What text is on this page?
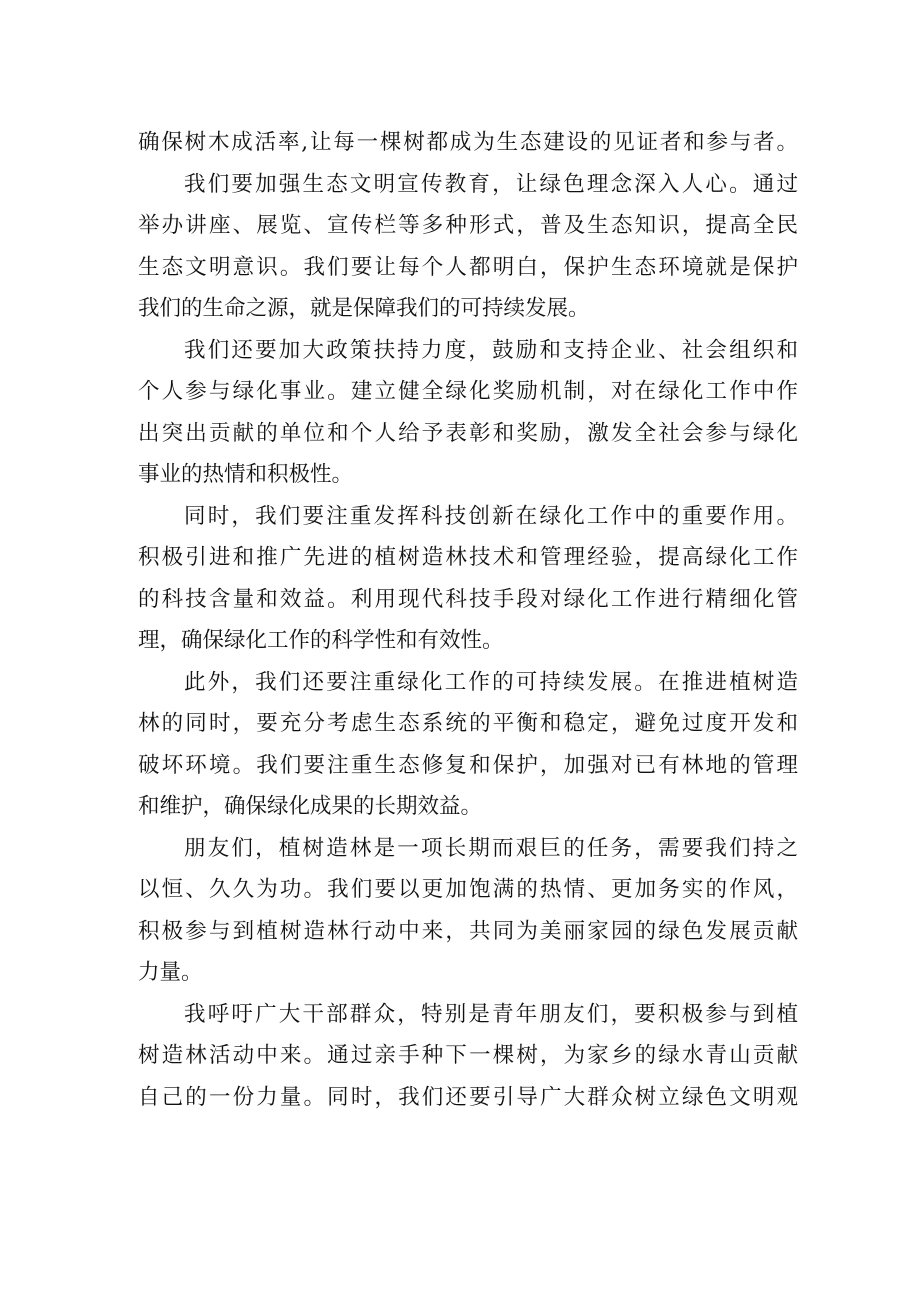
确保树木成活率,让每一棵树都成为生态建设的见证者和参与者。
我们要加强生态文明宣传教育，让绿色理念深入人心。通过
举办讲座、展览、宣传栏等多种形式，普及生态知识，提高全民
生态文明意识。我们要让每个人都明白，保护生态环境就是保护
我们的生命之源，就是保障我们的可持续发展。
我们还要加大政策扶持力度，鼓励和支持企业、社会组织和
个人参与绿化事业。建立健全绿化奖励机制，对在绿化工作中作
出突出贡献的单位和个人给予表彰和奖励，激发全社会参与绿化
事业的热情和积极性。
同时，我们要注重发挥科技创新在绿化工作中的重要作用。
积极引进和推广先进的植树造林技术和管理经验，提高绿化工作
的科技含量和效益。利用现代科技手段对绿化工作进行精细化管
理，确保绿化工作的科学性和有效性。
此外，我们还要注重绿化工作的可持续发展。在推进植树造
林的同时，要充分考虑生态系统的平衡和稳定，避免过度开发和
破坏环境。我们要注重生态修复和保护，加强对已有林地的管理
和维护，确保绿化成果的长期效益。
朋友们，植树造林是一项长期而艰巨的任务，需要我们持之
以恒、久久为功。我们要以更加饱满的热情、更加务实的作风，
积极参与到植树造林行动中来，共同为美丽家园的绿色发展贡献
力量。
我呼吁广大干部群众，特别是青年朋友们，要积极参与到植
树造林活动中来。通过亲手种下一棵树，为家乡的绿水青山贡献
自己的一份力量。同时，我们还要引导广大群众树立绿色文明观
